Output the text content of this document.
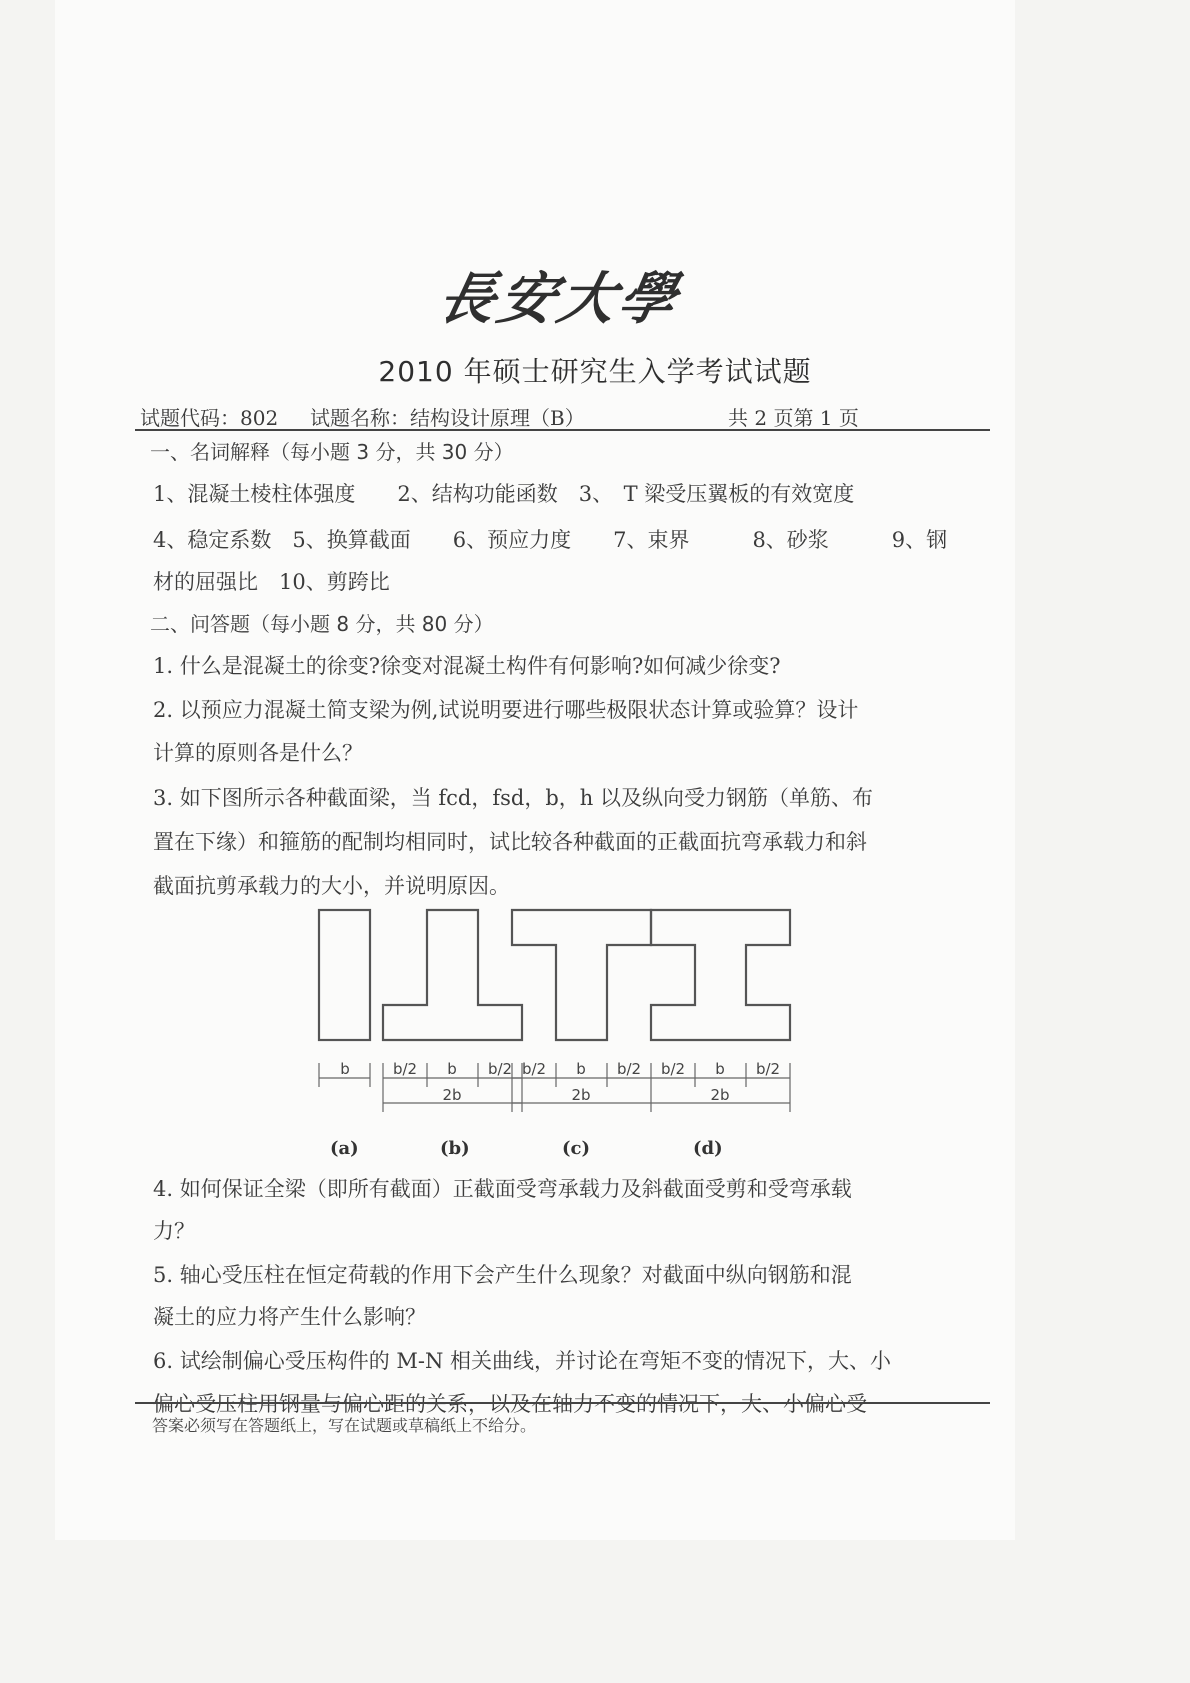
長安大學
2010 年硕士研究生入学考试试题
试题代码：802 试题名称：结构设计原理（B）	共 2 页第 1 页
一、名词解释（每小题 3 分，共 30 分）
1、混凝土棱柱体强度　　2、结构功能函数　3、　T 梁受压翼板的有效宽度
4、稳定系数　5、换算截面　　6、预应力度　　7、束界　　　8、砂浆　　　9、钢
材的屈强比　10、剪跨比
二、问答题（每小题 8 分，共 80 分）
1. 什么是混凝土的徐变?徐变对混凝土构件有何影响?如何减少徐变?
2. 以预应力混凝土简支梁为例,试说明要进行哪些极限状态计算或验算？设计
计算的原则各是什么？
3. 如下图所示各种截面梁，当 fcd，fsd，b，h 以及纵向受力钢筋（单筋、布
置在下缘）和箍筋的配制均相同时，试比较各种截面的正截面抗弯承载力和斜
截面抗剪承载力的大小，并说明原因。
b	b/2 b b/2
2b
b/2 b b/2
2b
b/2 b b/2
2b
(a)	(b)	(c)	(d)
4. 如何保证全梁（即所有截面）正截面受弯承载力及斜截面受剪和受弯承载
力？
5. 轴心受压柱在恒定荷载的作用下会产生什么现象？对截面中纵向钢筋和混
凝土的应力将产生什么影响？
6. 试绘制偏心受压构件的 M-N 相关曲线，并讨论在弯矩不变的情况下，大、小
偏心受压柱用钢量与偏心距的关系，以及在轴力不变的情况下，大、小偏心受
答案必须写在答题纸上，写在试题或草稿纸上不给分。
